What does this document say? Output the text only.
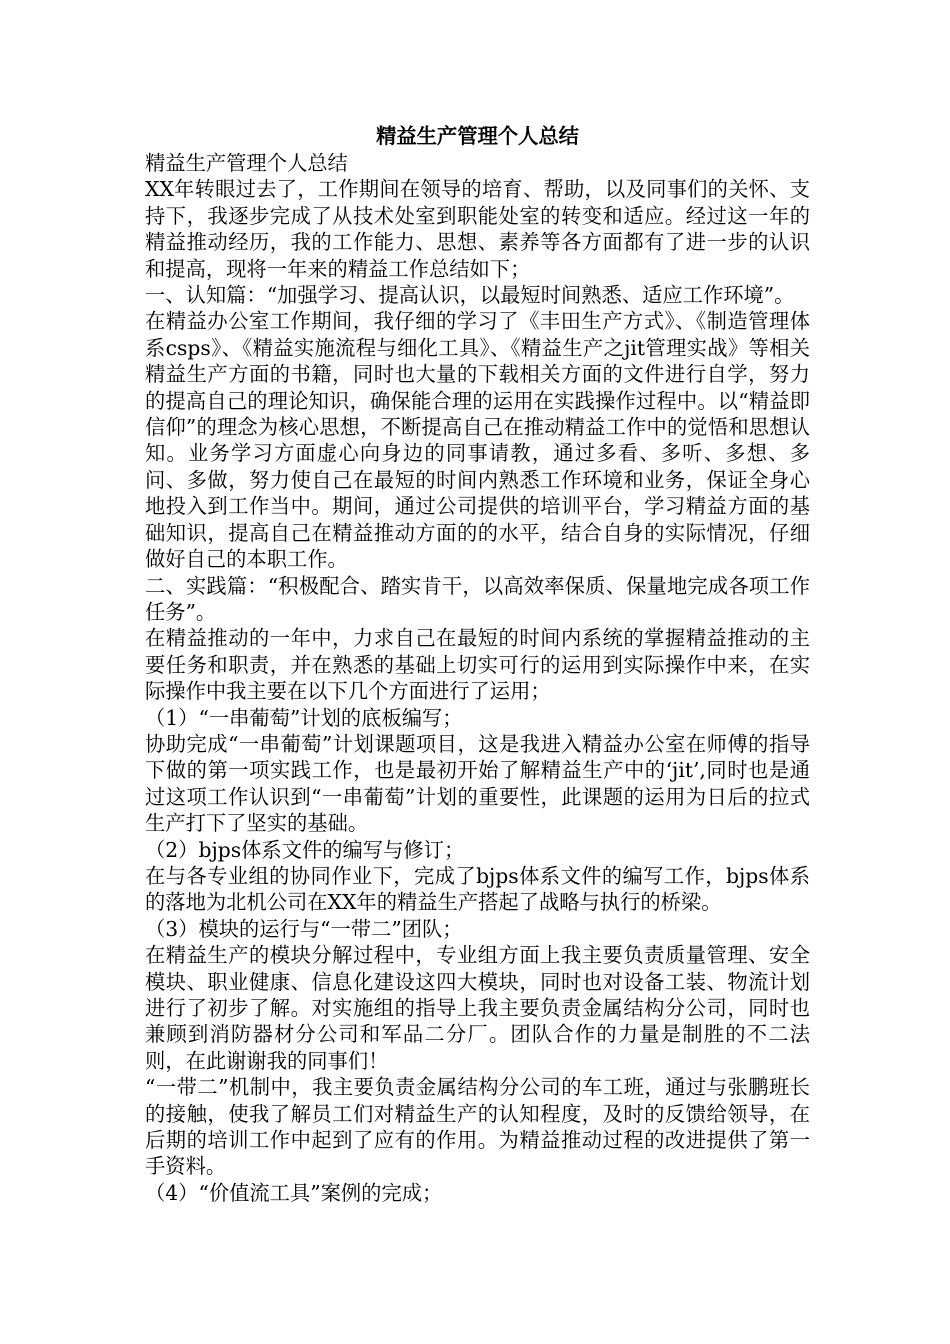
精益生产管理个人总结

精益生产管理个人总结

XX年转眼过去了，工作期间在领导的培育、帮助，以及同事们的关怀、支持下，我逐步完成了从技术处室到职能处室的转变和适应。经过这一年的精益推动经历，我的工作能力、思想、素养等各方面都有了进一步的认识和提高，现将一年来的精益工作总结如下；

一、认知篇：“加强学习、提高认识，以最短时间熟悉、适应工作环境”。

在精益办公室工作期间，我仔细的学习了《丰田生产方式》、《制造管理体系csps》、《精益实施流程与细化工具》、《精益生产之jit管理实战》等相关精益生产方面的书籍，同时也大量的下载相关方面的文件进行自学，努力的提高自己的理论知识，确保能合理的运用在实践操作过程中。以“精益即信仰”的理念为核心思想，不断提高自己在推动精益工作中的觉悟和思想认知。业务学习方面虚心向身边的同事请教，通过多看、多听、多想、多问、多做，努力使自己在最短的时间内熟悉工作环境和业务，保证全身心地投入到工作当中。期间，通过公司提供的培训平台，学习精益方面的基础知识，提高自己在精益推动方面的的水平，结合自身的实际情况，仔细做好自己的本职工作。

二、实践篇：“积极配合、踏实肯干，以高效率保质、保量地完成各项工作任务”。

在精益推动的一年中，力求自己在最短的时间内系统的掌握精益推动的主要任务和职责，并在熟悉的基础上切实可行的运用到实际操作中来，在实际操作中我主要在以下几个方面进行了运用；

（1）“一串葡萄”计划的底板编写；

协助完成“一串葡萄”计划课题项目，这是我进入精益办公室在师傅的指导下做的第一项实践工作，也是最初开始了解精益生产中的‘jit’,同时也是通过这项工作认识到“一串葡萄”计划的重要性，此课题的运用为日后的拉式生产打下了坚实的基础。

（2）bjps体系文件的编写与修订；

在与各专业组的协同作业下，完成了bjps体系文件的编写工作，bjps体系的落地为北机公司在XX年的精益生产搭起了战略与执行的桥梁。

（3）模块的运行与“一带二”团队；

在精益生产的模块分解过程中，专业组方面上我主要负责质量管理、安全模块、职业健康、信息化建设这四大模块，同时也对设备工装、物流计划进行了初步了解。对实施组的指导上我主要负责金属结构分公司，同时也兼顾到消防器材分公司和军品二分厂。团队合作的力量是制胜的不二法则，在此谢谢我的同事们！

“一带二”机制中，我主要负责金属结构分公司的车工班，通过与张鹏班长的接触，使我了解员工们对精益生产的认知程度，及时的反馈给领导，在后期的培训工作中起到了应有的作用。为精益推动过程的改进提供了第一手资料。

（4）“价值流工具”案例的完成；
